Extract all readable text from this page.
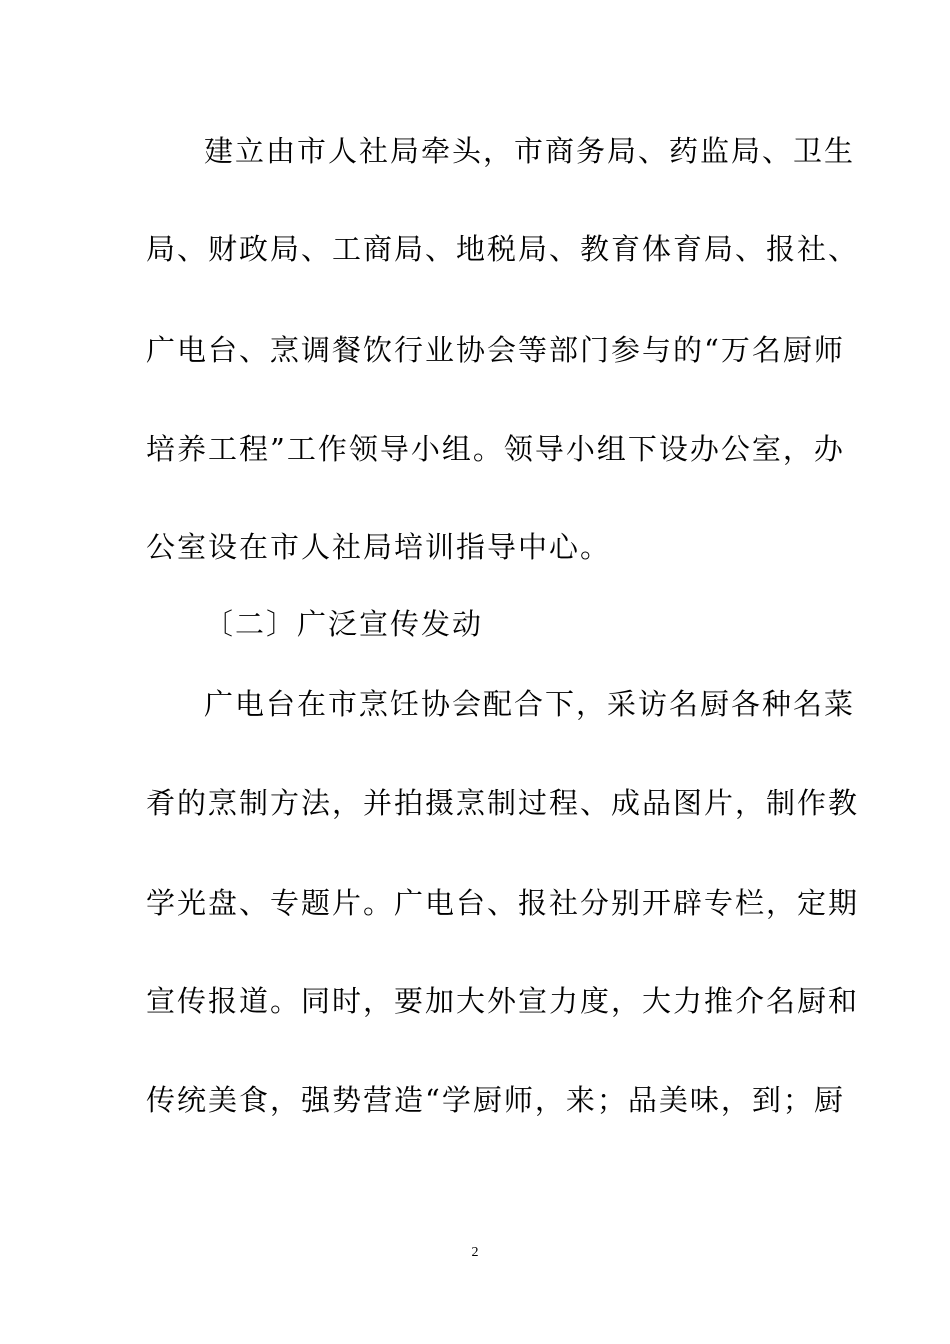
建立由市人社局牵头，市商务局、药监局、卫生
局、财政局、工商局、地税局、教育体育局、报社、
广电台、烹调餐饮行业协会等部门参与的“万名厨师
培养工程”工作领导小组。领导小组下设办公室，办
公室设在市人社局培训指导中心。
〔二〕广泛宣传发动
广电台在市烹饪协会配合下，采访名厨各种名菜
肴的烹制方法，并拍摄烹制过程、成品图片，制作教
学光盘、专题片。广电台、报社分别开辟专栏，定期
宣传报道。同时，要加大外宣力度，大力推介名厨和
传统美食，强势营造“学厨师，来；品美味，到；厨
2
